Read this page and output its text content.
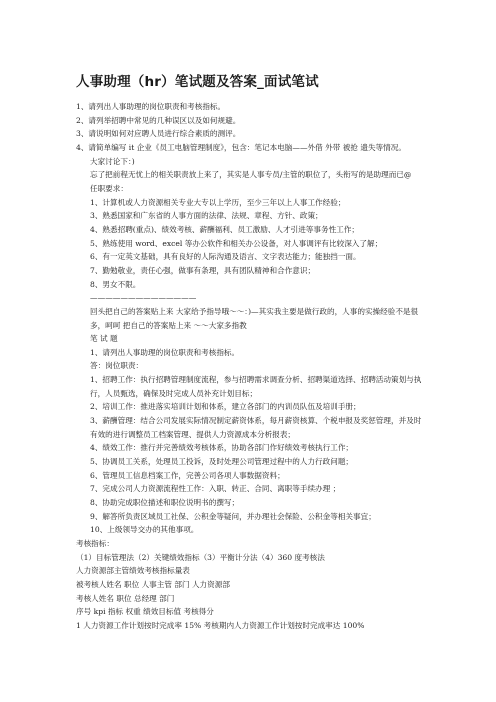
人事助理（hr）笔试题及答案_面试笔试

1、请列出人事助理的岗位职责和考核指标。

2、请列举招聘中常见的几种误区以及如何规避。

3、请说明如何对应聘人员进行综合素质的测评。

4、请简单编写 it 企业《员工电脑管理制度》，包含：笔记本电脑——外借 外带 被抢 遗失等情况。

大家讨论下：)

忘了把前程无忧上的相关职责放上来了，其实是人事专员/主管的职位了，头衔写的是助理而已@

任职要求：

1、计算机或人力资源相关专业大专以上学历，至少三年以上人事工作经验；

3、熟悉国家和广东省的人事方面的法律、法规、章程、方针、政策；

4、熟悉招聘(重点)、绩效考核、薪酬福利、员工激励、人才引进等事务性工作；

5、熟练使用 word、excel 等办公软件和相关办公设备，对人事调评有比较深入了解；

6、有一定英文基础，具有良好的人际沟通及语言、文字表达能力；能独挡一面。

7、勤勉敬业，责任心强，做事有条理，具有团队精神和合作意识；

8、男女不限。

——————————————

回头把自己的答案贴上来 大家给予指导哦～～：)—其实我主要是做行政的，人事的实操经验不是很多，呵呵 把自己的答案贴上来 ～～大家多指教

笔 试 题

1、请列出人事助理的岗位职责和考核指标。

答：岗位职责：

1、招聘工作：执行招聘管理制度流程，参与招聘需求调查分析、招聘渠道选择、招聘活动策划与执行，人员甄选，确保及时完成人员补充计划目标；

2、培训工作：推进落实培训计划和体系，建立各部门的内训员队伍及培训手册；

3、薪酬管理：结合公司发展实际情况制定薪资体系，每月薪资核算、个税申报及奖惩管理，并及时有效的进行调整员工档案管理、提供人力资源成本分析报表；

4、绩效工作：推行并完善绩效考核体系，协助各部门作好绩效考核执行工作；

5、协调员工关系，处理员工投诉，及时处理公司管理过程中的人力行政问题；

6、管理员工信息档案工作，完善公司各项人事数据资料；

7、完成公司人力资源流程性工作：入职、转正、合同、离职等手续办理 ；

8、协助完成职位描述和职位说明书的撰写；

9、解答所负责区域员工社保、公积金等疑问，并办理社会保险、公积金等相关事宜；

10、上级领导交办的其他事项。

考核指标：

（1）目标管理法（2）关键绩效指标（3）平衡计分法（4）360 度考核法

人力资源部主管绩效考核指标量表

被考核人姓名 职位 人事主管 部门 人力资源部

考核人姓名 职位 总经理 部门

序号 kpi 指标 权重 绩效目标值 考核得分

1 人力资源工作计划按时完成率 15% 考核期内人力资源工作计划按时完成率达 100%
